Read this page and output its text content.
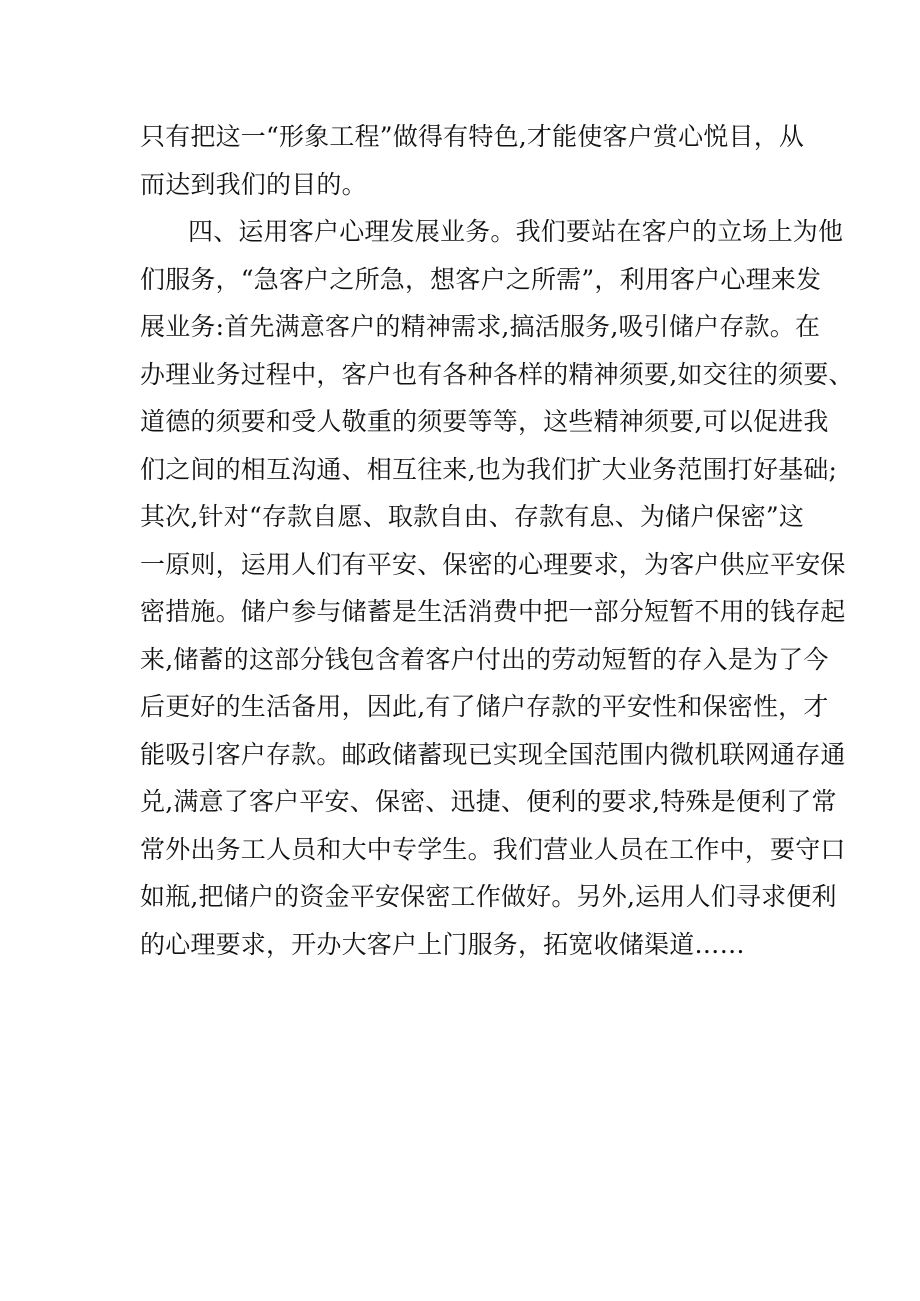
只有把这一“形象工程”做得有特色,才能使客户赏心悦目，从
而达到我们的目的。
四、运用客户心理发展业务。我们要站在客户的立场上为他
们服务，“急客户之所急，想客户之所需”，利用客户心理来发
展业务:首先满意客户的精神需求,搞活服务,吸引储户存款。在
办理业务过程中，客户也有各种各样的精神须要,如交往的须要、
道德的须要和受人敬重的须要等等，这些精神须要,可以促进我
们之间的相互沟通、相互往来,也为我们扩大业务范围打好基础;
其次,针对“存款自愿、取款自由、存款有息、为储户保密”这
一原则，运用人们有平安、保密的心理要求，为客户供应平安保
密措施。储户参与储蓄是生活消费中把一部分短暂不用的钱存起
来,储蓄的这部分钱包含着客户付出的劳动短暂的存入是为了今
后更好的生活备用，因此,有了储户存款的平安性和保密性，才
能吸引客户存款。邮政储蓄现已实现全国范围内微机联网通存通
兑,满意了客户平安、保密、迅捷、便利的要求,特殊是便利了常
常外出务工人员和大中专学生。我们营业人员在工作中，要守口
如瓶,把储户的资金平安保密工作做好。另外,运用人们寻求便利
的心理要求，开办大客户上门服务，拓宽收储渠道……
